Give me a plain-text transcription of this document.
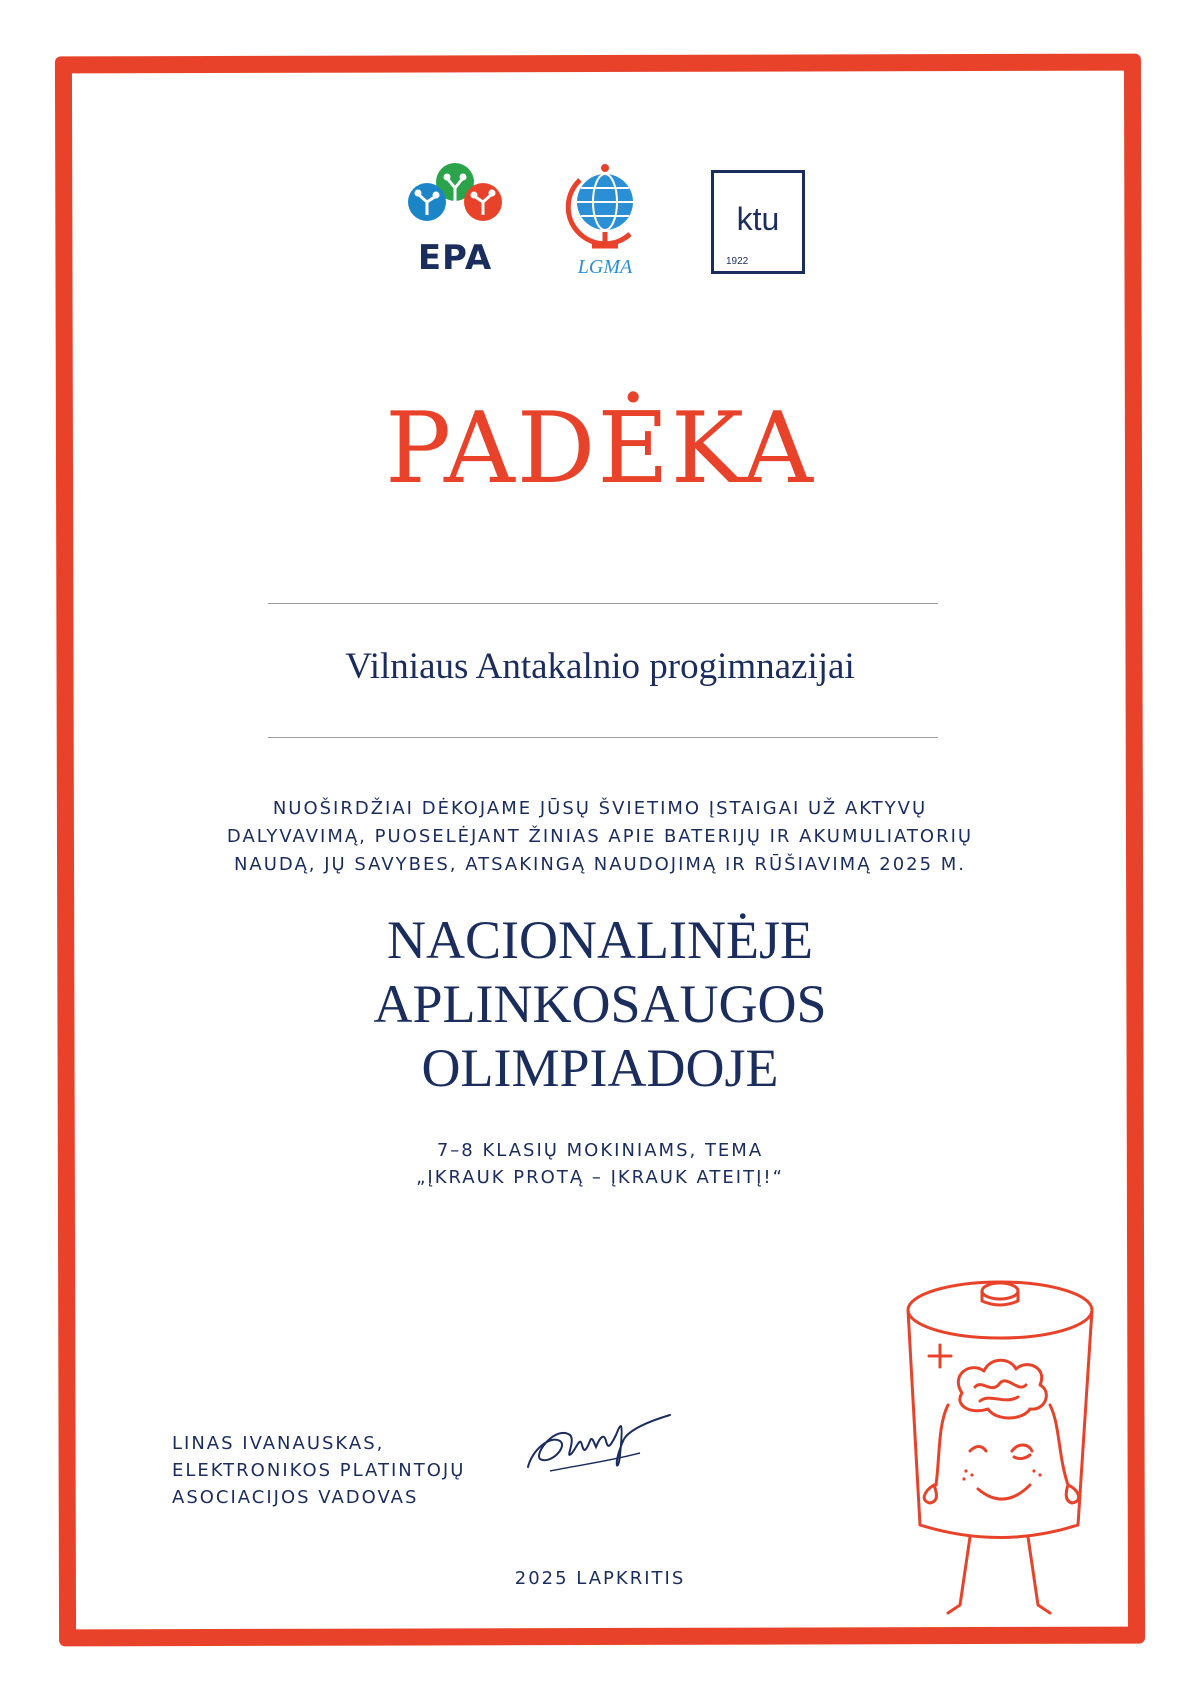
EPA	LGMA
ktu
1922
PADĖKA
Vilniaus Antakalnio progimnazijai
NUOŠIRDŽIAI DĖKOJAME JŪSŲ ŠVIETIMO ĮSTAIGAI UŽ AKTYVŲ
DALYVAVIMĄ, PUOSELĖJANT ŽINIAS APIE BATERIJŲ IR AKUMULIATORIŲ
NAUDĄ, JŲ SAVYBES, ATSAKINGĄ NAUDOJIMĄ IR RŪŠIAVIMĄ 2025 M.
NACIONALINĖJE
APLINKOSAUGOS
OLIMPIADOJE
7–8 KLASIŲ MOKINIAMS, TEMA
„ĮKRAUK PROTĄ – ĮKRAUK ATEITĮ!“
LINAS IVANAUSKAS,
ELEKTRONIKOS PLATINTOJŲ
ASOCIACIJOS VADOVAS
2025 LAPKRITIS
